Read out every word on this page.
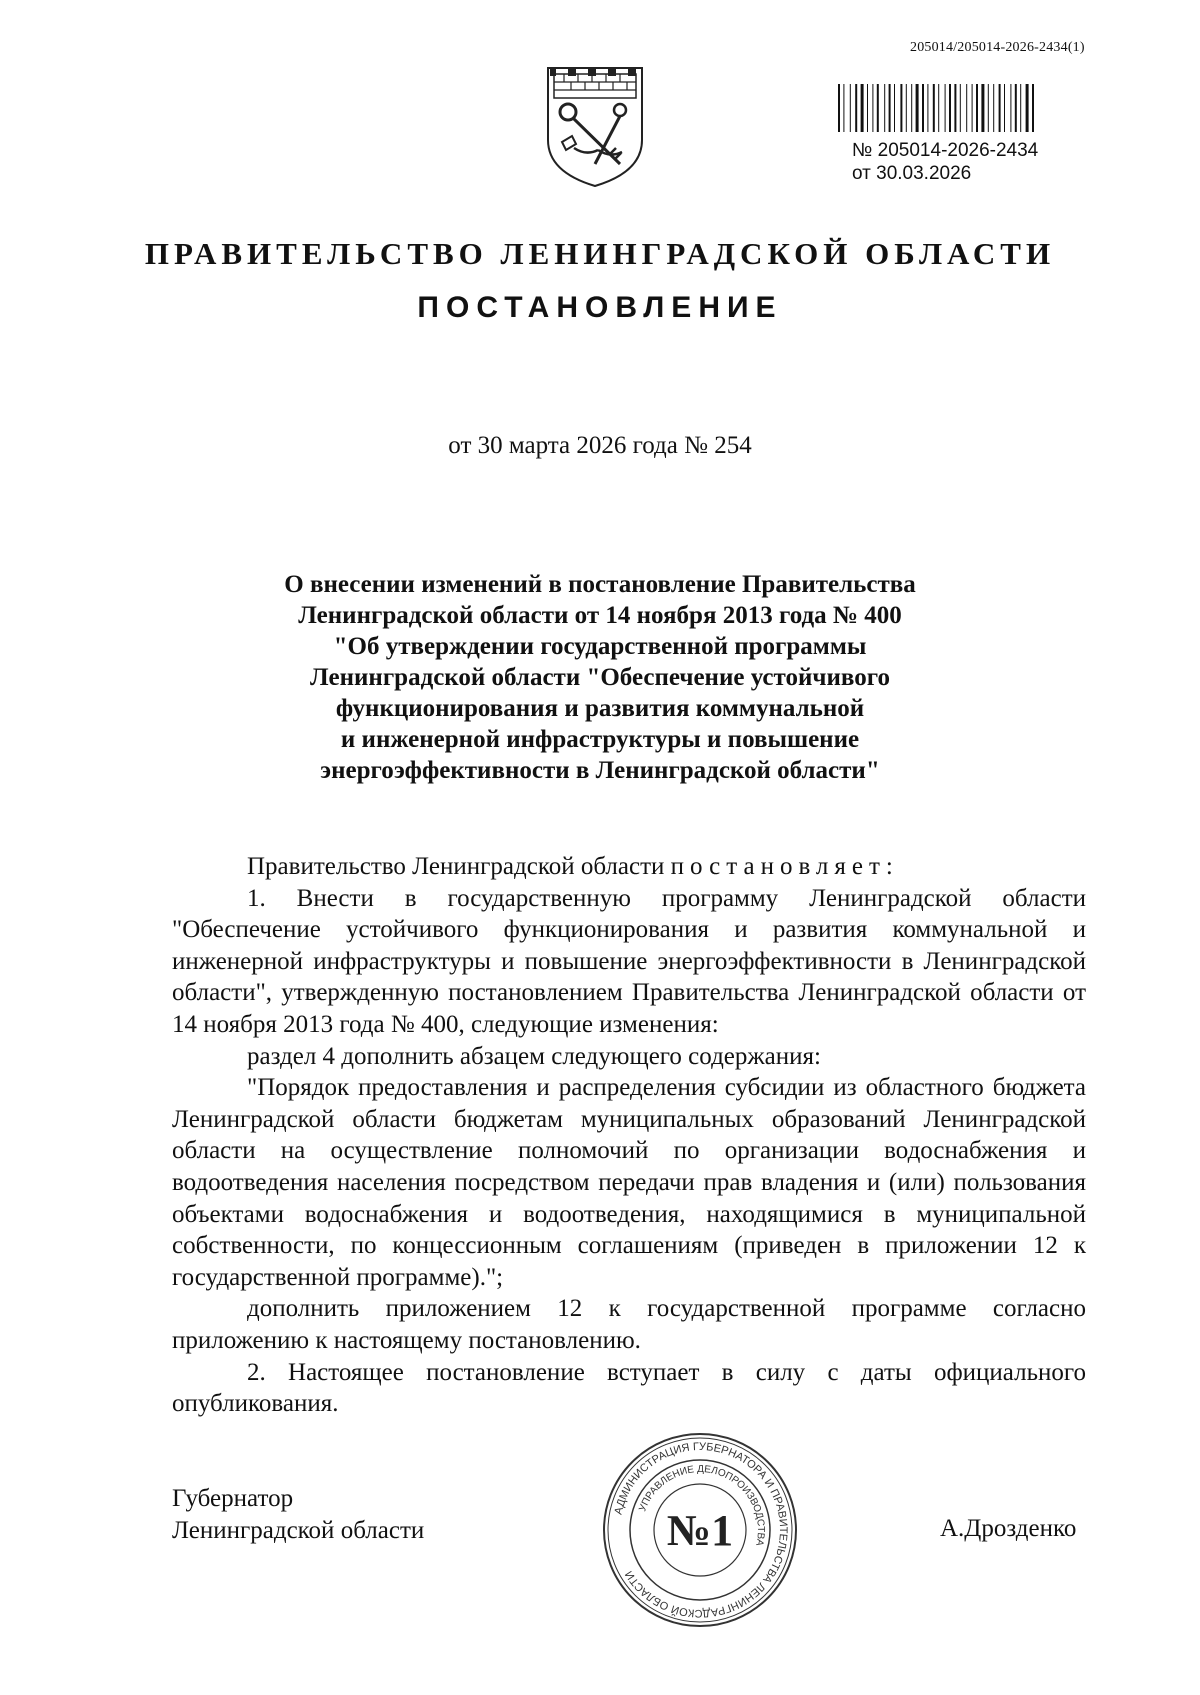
205014/205014-2026-2434(1)
№ 205014-2026-2434
от 30.03.2026
ПРАВИТЕЛЬСТВО ЛЕНИНГРАДСКОЙ ОБЛАСТИ
ПОСТАНОВЛЕНИЕ
от 30 марта 2026 года № 254
О внесении изменений в постановление Правительства
Ленинградской области от 14 ноября 2013 года № 400
"Об утверждении государственной программы
Ленинградской области "Обеспечение устойчивого
функционирования и развития коммунальной
и инженерной инфраструктуры и повышение
энергоэффективности в Ленинградской области"
Правительство Ленинградской области постановляет:
1. Внести в государственную программу Ленинградской области "Обеспечение устойчивого функционирования и развития коммунальной и инженерной инфраструктуры и повышение энергоэффективности в Ленинградской области", утвержденную постановлением Правительства Ленинградской области от 14 ноября 2013 года № 400, следующие изменения:
раздел 4 дополнить абзацем следующего содержания:
"Порядок предоставления и распределения субсидии из областного бюджета Ленинградской области бюджетам муниципальных образований Ленинградской области на осуществление полномочий по организации водоснабжения и водоотведения населения посредством передачи прав владения и (или) пользования объектами водоснабжения и водоотведения, находящимися в муниципальной собственности, по концессионным соглашениям (приведен в приложении 12 к государственной программе).";
дополнить приложением 12 к государственной программе согласно приложению к настоящему постановлению.
2. Настоящее постановление вступает в силу с даты официального опубликования.
Губернатор
Ленинградской области
АДМИНИСТРАЦИЯ ГУБЕРНАТОРА И ПРАВИТЕЛЬСТВА ЛЕНИНГРАДСКОЙ ОБЛАСТИ
УПРАВЛЕНИЕ ДЕЛОПРОИЗВОДСТВА
№1	А.Дрозденко
